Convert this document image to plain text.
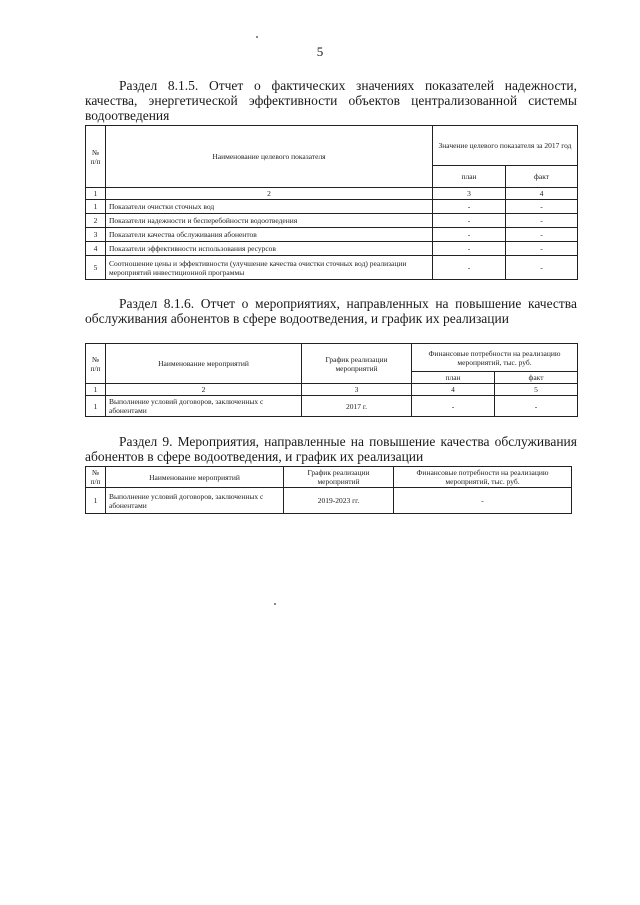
5
Раздел 8.1.5. Отчет о фактических значениях показателей надежности, качества, энергетической эффективности объектов централизованной системы водоотведения
№ п/п	Наименование целевого показателя	Значение целевого показателя за 2017 год	
		план	факт
1	2	3	4
1	Показатели очистки сточных вод	-	-
2	Показатели надежности и бесперебойности водоотведения	-	-
3	Показатели качества обслуживания абонентов	-	-
4	Показатели эффективности использования ресурсов	-	-
5	Соотношение цены и эффективности (улучшение качества очистки сточных вод) реализации мероприятий инвестиционной программы	-	-
Раздел 8.1.6. Отчет о мероприятиях, направленных на повышение качества обслуживания абонентов в сфере водоотведения, и график их реализации
№ п/п	Наименование мероприятий	График реализации мероприятий	Финансовые потребности на реализацию мероприятий, тыс. руб.	
			план	факт
1	2	3	4	5
1	Выполнение условий договоров, заключенных с абонентами	2017 г.	-	-
Раздел 9. Мероприятия, направленные на повышение качества обслуживания абонентов в сфере водоотведения, и график их реализации
№ п/п	Наименование мероприятий	График реализации мероприятий	Финансовые потребности на реализацию мероприятий, тыс. руб.
1	Выполнение условий договоров, заключенных с абонентами	2019-2023 гг.	-
